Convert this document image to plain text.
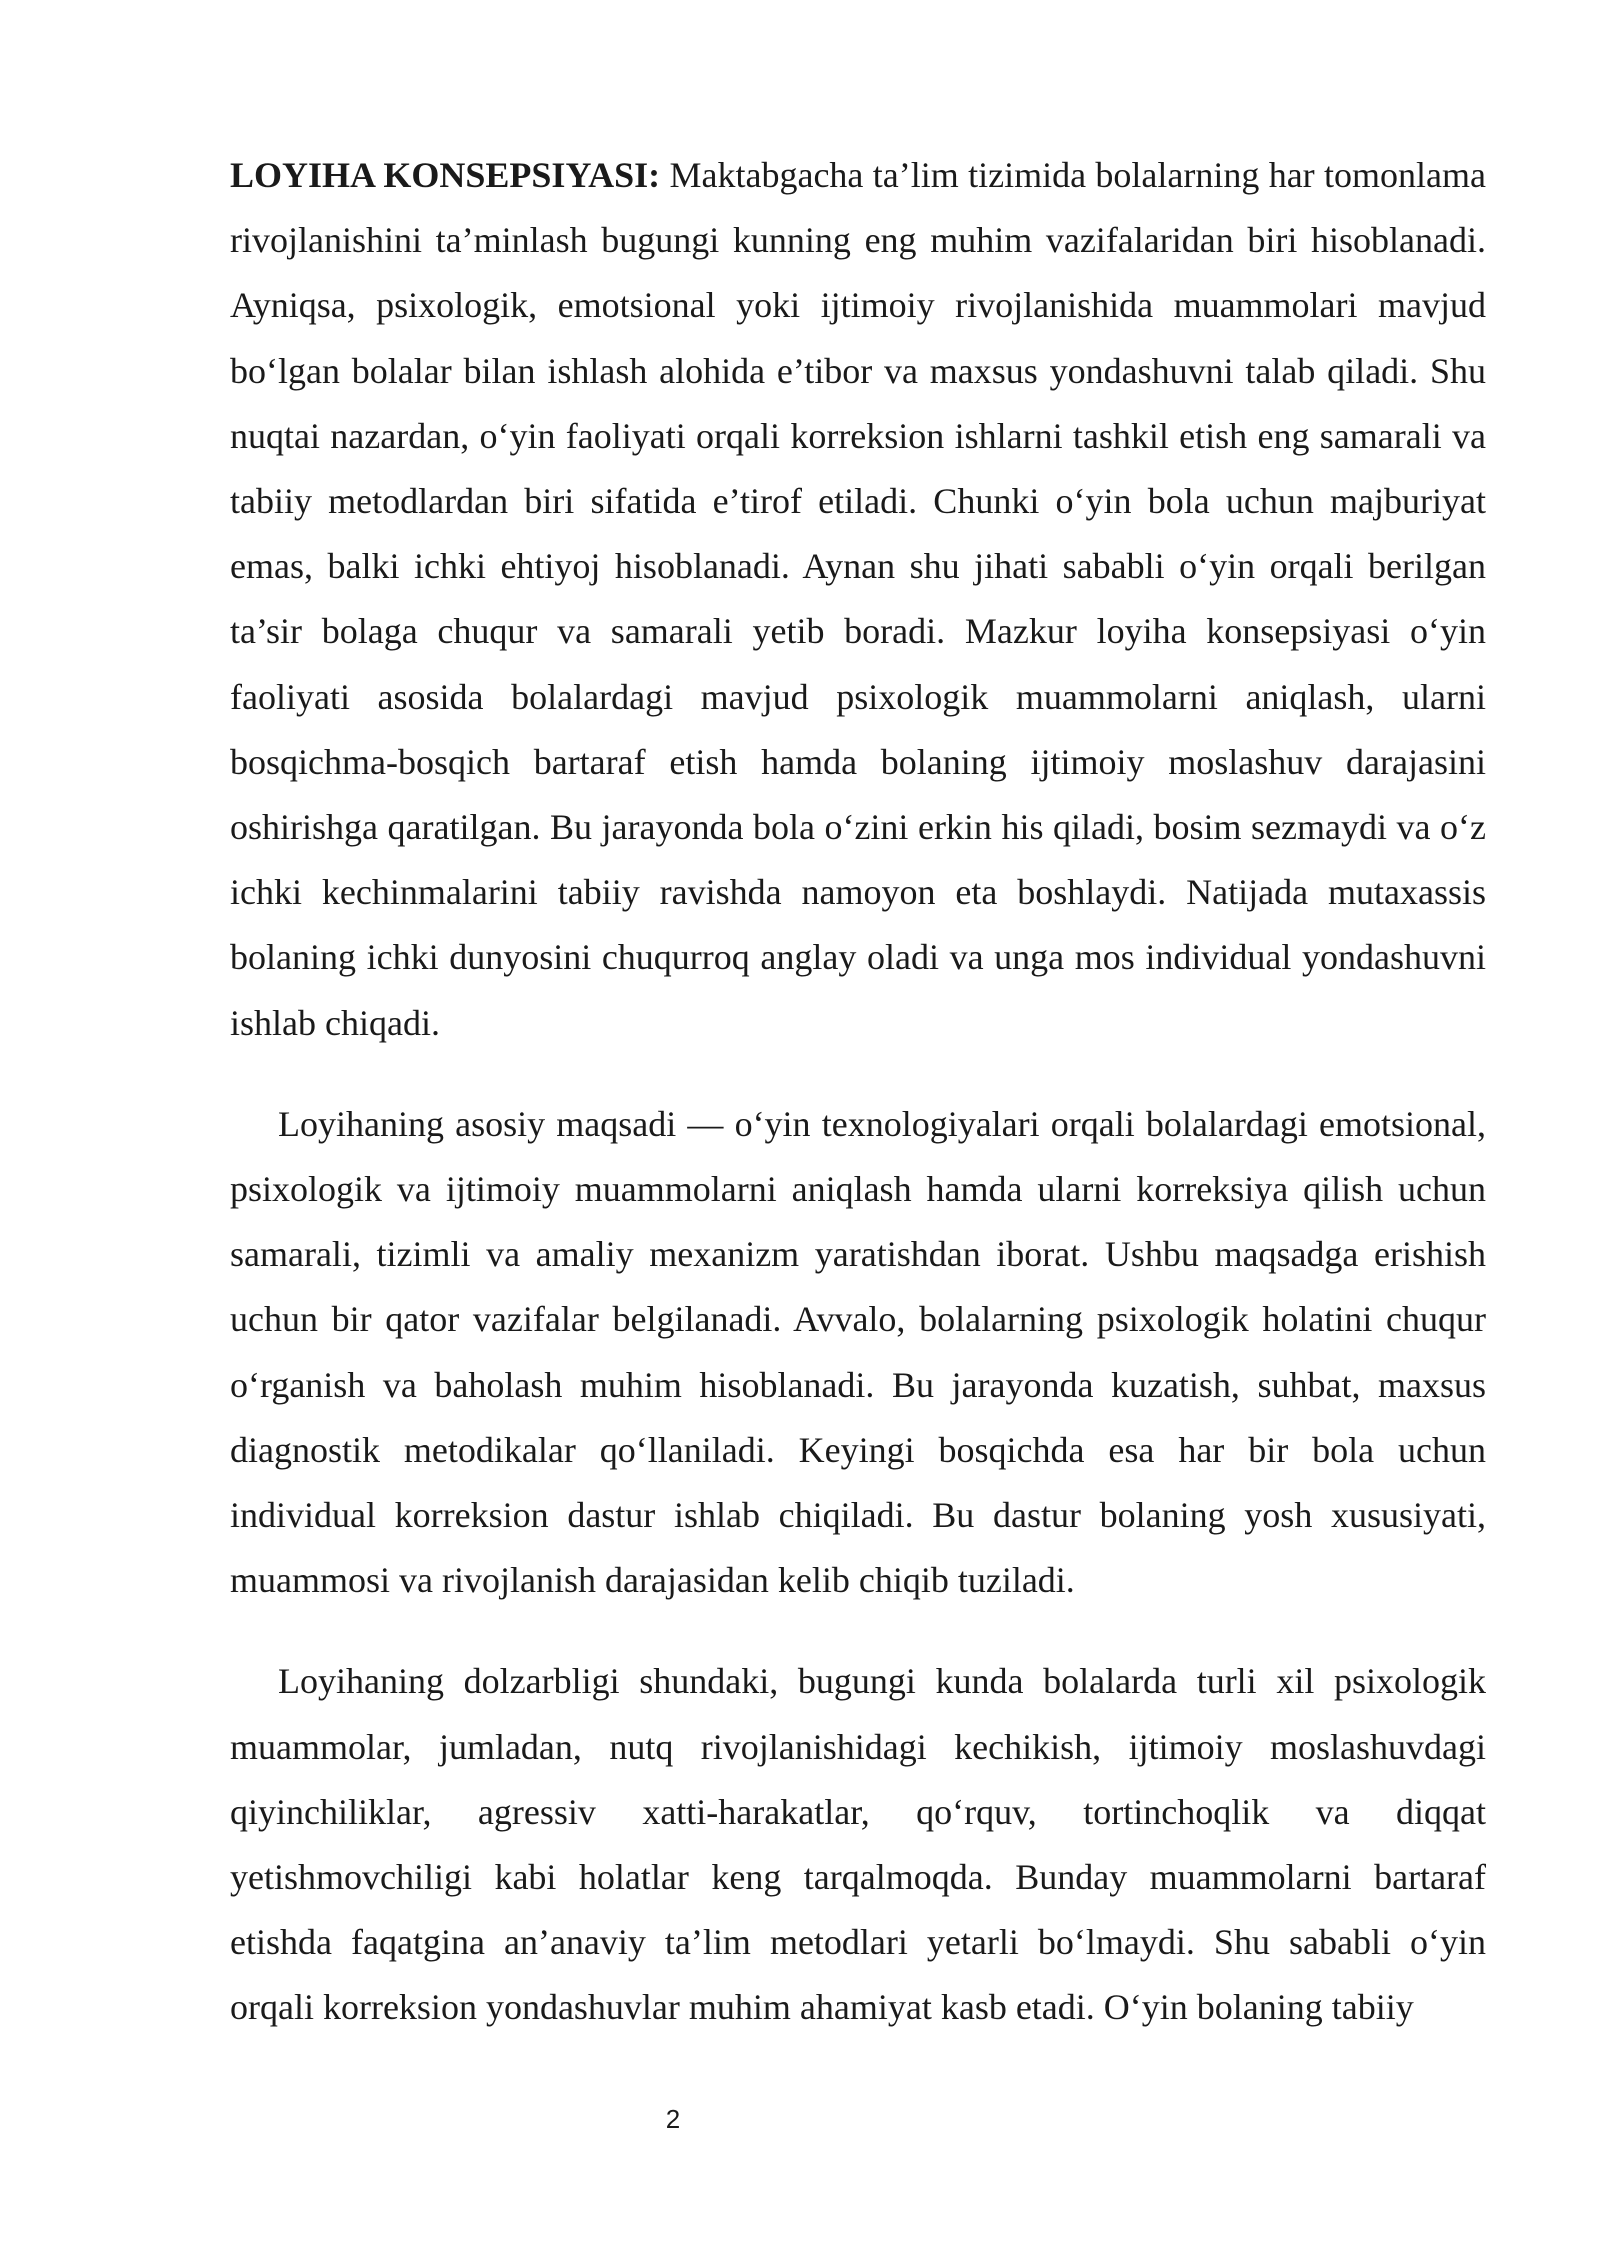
LOYIHA KONSEPSIYASI: Maktabgacha ta’lim tizimida bolalarning har tomonlama rivojlanishini ta’minlash bugungi kunning eng muhim vazifalaridan biri hisoblanadi. Ayniqsa, psixologik, emotsional yoki ijtimoiy rivojlanishida muammolari mavjud bo‘lgan bolalar bilan ishlash alohida e’tibor va maxsus yondashuvni talab qiladi. Shu nuqtai nazardan, o‘yin faoliyati orqali korreksion ishlarni tashkil etish eng samarali va tabiiy metodlardan biri sifatida e’tirof etiladi. Chunki o‘yin bola uchun majburiyat emas, balki ichki ehtiyoj hisoblanadi. Aynan shu jihati sababli o‘yin orqali berilgan ta’sir bolaga chuqur va samarali yetib boradi. Mazkur loyiha konsepsiyasi o‘yin faoliyati asosida bolalardagi mavjud psixologik muammolarni aniqlash, ularni bosqichma-bosqich bartaraf etish hamda bolaning ijtimoiy moslashuv darajasini oshirishga qaratilgan. Bu jarayonda bola o‘zini erkin his qiladi, bosim sezmaydi va o‘z ichki kechinmalarini tabiiy ravishda namoyon eta boshlaydi. Natijada mutaxassis bolaning ichki dunyosini chuqurroq anglay oladi va unga mos individual yondashuvni ishlab chiqadi.

Loyihaning asosiy maqsadi — o‘yin texnologiyalari orqali bolalardagi emotsional, psixologik va ijtimoiy muammolarni aniqlash hamda ularni korreksiya qilish uchun samarali, tizimli va amaliy mexanizm yaratishdan iborat. Ushbu maqsadga erishish uchun bir qator vazifalar belgilanadi. Avvalo, bolalarning psixologik holatini chuqur o‘rganish va baholash muhim hisoblanadi. Bu jarayonda kuzatish, suhbat, maxsus diagnostik metodikalar qo‘llaniladi. Keyingi bosqichda esa har bir bola uchun individual korreksion dastur ishlab chiqiladi. Bu dastur bolaning yosh xususiyati, muammosi va rivojlanish darajasidan kelib chiqib tuziladi.

Loyihaning dolzarbligi shundaki, bugungi kunda bolalarda turli xil psixologik muammolar, jumladan, nutq rivojlanishidagi kechikish, ijtimoiy moslashuvdagi qiyinchiliklar, agressiv xatti-harakatlar, qo‘rquv, tortinchoqlik va diqqat yetishmovchiligi kabi holatlar keng tarqalmoqda. Bunday muammolarni bartaraf etishda faqatgina an’anaviy ta’lim metodlari yetarli bo‘lmaydi. Shu sababli o‘yin orqali korreksion yondashuvlar muhim ahamiyat kasb etadi. O‘yin bolaning tabiiy

2
